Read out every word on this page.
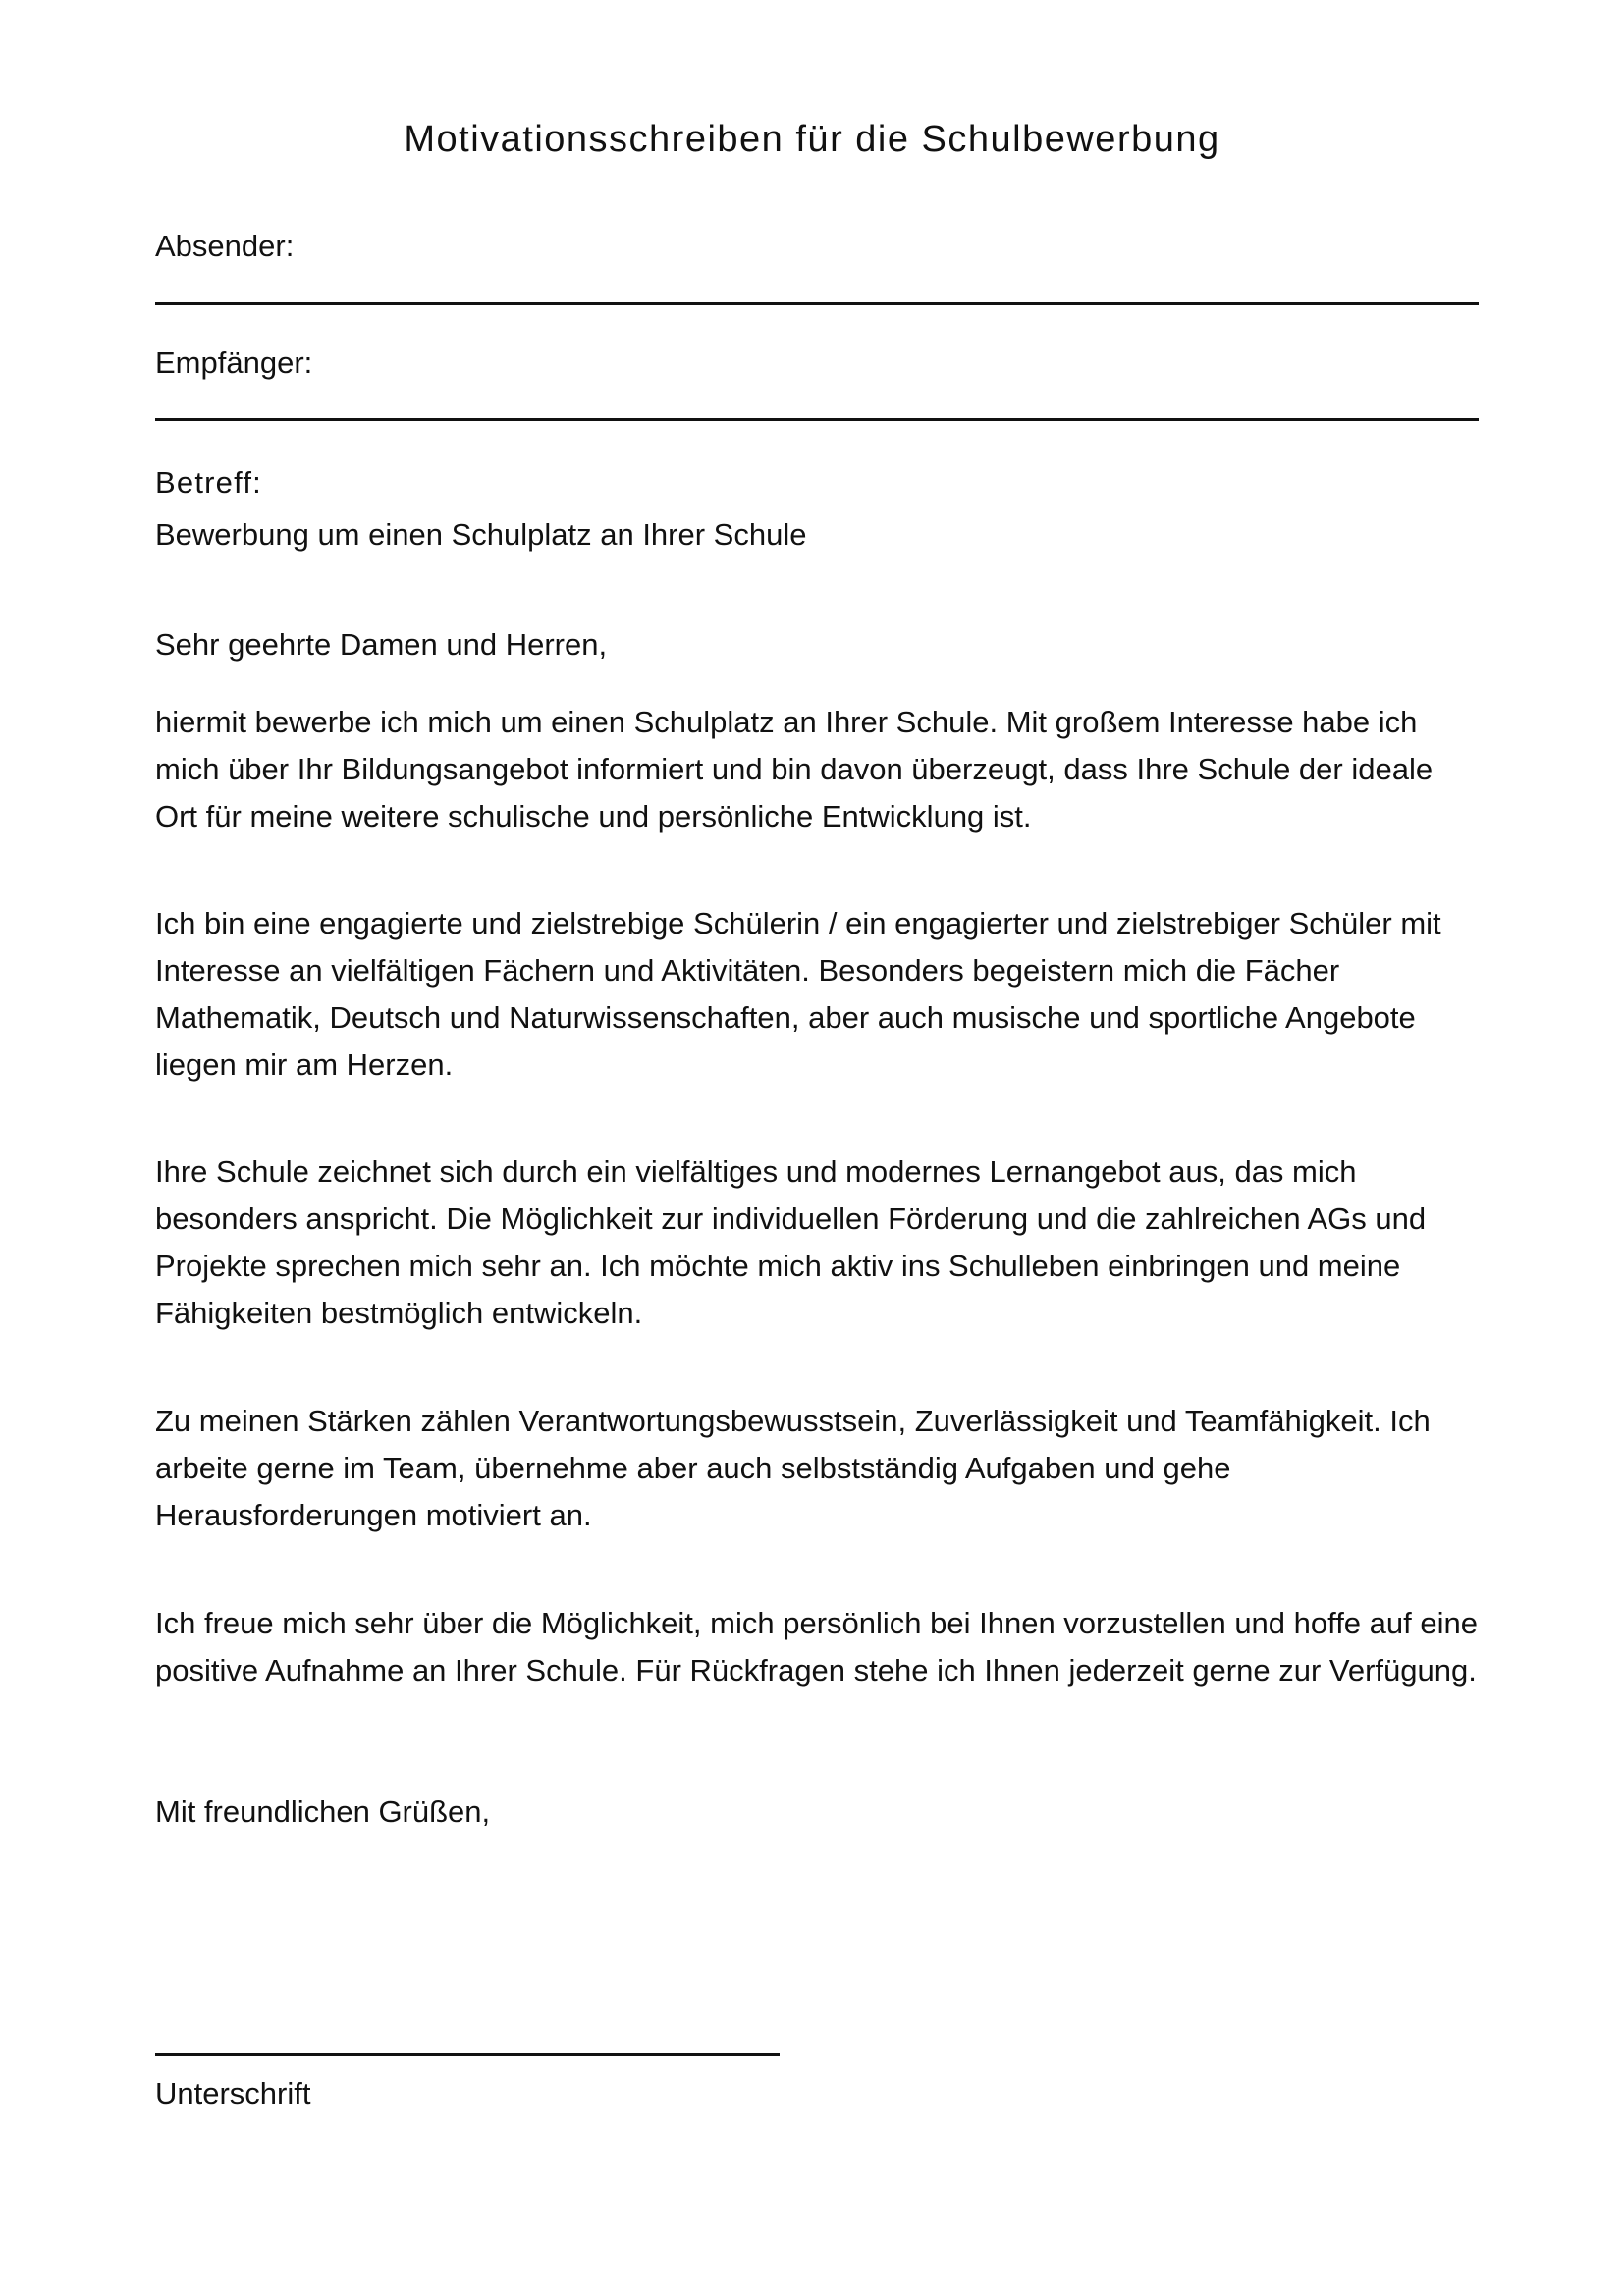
Motivationsschreiben für die Schulbewerbung
Absender:
Empfänger:
Betreff:
Bewerbung um einen Schulplatz an Ihrer Schule
Sehr geehrte Damen und Herren,

hiermit bewerbe ich mich um einen Schulplatz an Ihrer Schule. Mit großem Interesse habe ich mich über Ihr Bildungsangebot informiert und bin davon überzeugt, dass Ihre Schule der ideale Ort für meine weitere schulische und persönliche Entwicklung ist.

Ich bin eine engagierte und zielstrebige Schülerin / ein engagierter und zielstrebiger Schüler mit Interesse an vielfältigen Fächern und Aktivitäten. Besonders begeistern mich die Fächer Mathematik, Deutsch und Naturwissenschaften, aber auch musische und sportliche Angebote liegen mir am Herzen.

Ihre Schule zeichnet sich durch ein vielfältiges und modernes Lernangebot aus, das mich besonders anspricht. Die Möglichkeit zur individuellen Förderung und die zahlreichen AGs und Projekte sprechen mich sehr an. Ich möchte mich aktiv ins Schulleben einbringen und meine Fähigkeiten bestmöglich entwickeln.

Zu meinen Stärken zählen Verantwortungsbewusstsein, Zuverlässigkeit und Teamfähigkeit. Ich arbeite gerne im Team, übernehme aber auch selbstständig Aufgaben und gehe Herausforderungen motiviert an.

Ich freue mich sehr über die Möglichkeit, mich persönlich bei Ihnen vorzustellen und hoffe auf eine positive Aufnahme an Ihrer Schule. Für Rückfragen stehe ich Ihnen jederzeit gerne zur Verfügung.

Mit freundlichen Grüßen,
Unterschrift
